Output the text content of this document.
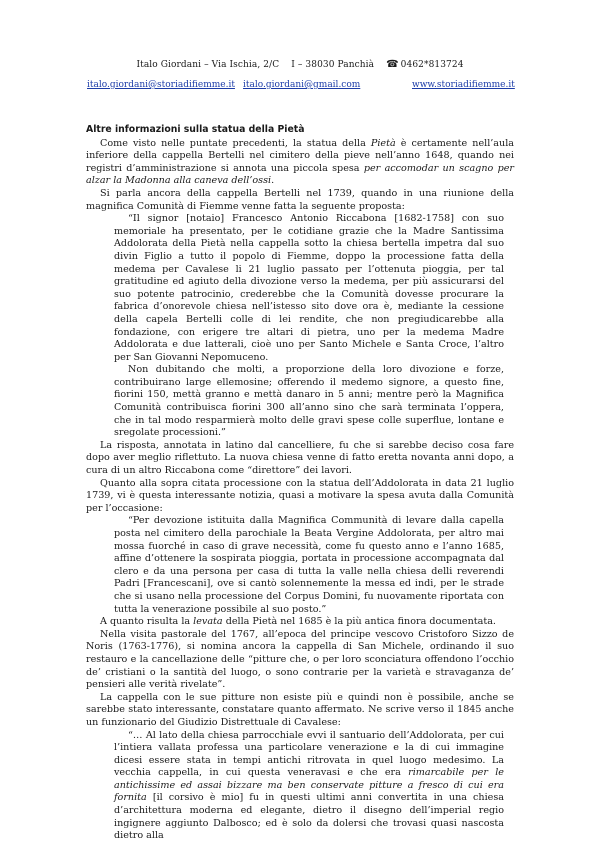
Italo Giordani – Via Ischia, 2/C I – 38030 Panchià ☎ 0462*813724
italo.giordani@storiadifiemme.it italo.giordani@gmail.com	www.storiadifiemme.it

Altre informazioni sulla statua della Pietà

Come visto nelle puntate precedenti, la statua della Pietà è certamente nell’aula inferiore della cappella Bertelli nel cimitero della pieve nell’anno 1648, quando nei registri d’amministrazione si annota una piccola spesa per accomodar un scagno per alzar la Madonna alla caneva dell’ossi.

Si parla ancora della cappella Bertelli nel 1739, quando in una riunione della magnifica Comunità di Fiemme venne fatta la seguente proposta:

“Il signor [notaio] Francesco Antonio Riccabona [1682-1758] con suo memoriale ha presentato, per le cotidiane grazie che la Madre Santissima Addolorata della Pietà nella cappella sotto la chiesa bertella impetra dal suo divin Figlio a tutto il popolo di Fiemme, doppo la processione fatta della medema per Cavalese li 21 luglio passato per l’ottenuta pioggia, per tal gratitudine ed agiuto della divozione verso la medema, per più assicurarsi del suo potente patrocinio, crederebbe che la Comunità dovesse procurare la fabrica d’onorevole chiesa nell’istesso sito dove ora è, mediante la cessione della capela Bertelli colle di lei rendite, che non pregiudicarebbe alla fondazione, con erigere tre altari di pietra, uno per la medema Madre Addolorata e due latterali, cioè uno per Santo Michele e Santa Croce, l’altro per San Giovanni Nepomuceno.

Non dubitando che molti, a proporzione della loro divozione e forze, contribuirano large ellemosine; offerendo il medemo signore, a questo fine, fiorini 150, mettà granno e mettà danaro in 5 anni; mentre però la Magnifica Comunità contribuisca fiorini 300 all’anno sino che sarà terminata l’oppera, che in tal modo resparmierà molto delle gravi spese colle superflue, lontane e sregolate processioni.”

La risposta, annotata in latino dal cancelliere, fu che si sarebbe deciso cosa fare dopo aver meglio riflettuto. La nuova chiesa venne di fatto eretta novanta anni dopo, a cura di un altro Riccabona come “direttore” dei lavori.

Quanto alla sopra citata processione con la statua dell’Addolorata in data 21 luglio 1739, vi è questa interessante notizia, quasi a motivare la spesa avuta dalla Comunità per l’occasione:

“Per devozione istituita dalla Magnifica Communità di levare dalla capella posta nel cimitero della parochiale la Beata Vergine Addolorata, per altro mai mossa fuorché in caso di grave necessità, come fu questo anno e l’anno 1685, affine d’ottenere la sospirata pioggia, portata in processione accompagnata dal clero e da una persona per casa di tutta la valle nella chiesa delli reverendi Padri [Francescani], ove si cantò solennemente la messa ed indi, per le strade che si usano nella processione del Corpus Domini, fu nuovamente riportata con tutta la venerazione possibile al suo posto.”

A quanto risulta la levata della Pietà nel 1685 è la più antica finora documentata.

Nella visita pastorale del 1767, all’epoca del principe vescovo Cristoforo Sizzo de Noris (1763-1776), si nomina ancora la cappella di San Michele, ordinando il suo restauro e la cancellazione delle “pitture che, o per loro sconciatura offendono l’occhio de’ cristiani o la santità del luogo, o sono contrarie per la varietà e stravaganza de’ pensieri alle verità rivelate”.

La cappella con le sue pitture non esiste più e quindi non è possibile, anche se sarebbe stato interessante, constatare quanto affermato. Ne scrive verso il 1845 anche un funzionario del Giudizio Distrettuale di Cavalese:

“… Al lato della chiesa parrocchiale evvi il santuario dell’Addolorata, per cui l’intiera vallata professa una particolare venerazione e la di cui immagine dicesi essere stata in tempi antichi ritrovata in quel luogo medesimo. La vecchia cappella, in cui questa veneravasi e che era rimarcabile per le antichissime ed assai bizzare ma ben conservate pitture a fresco di cui era fornita [il corsivo è mio] fu in questi ultimi anni convertita in una chiesa d’architettura moderna ed elegante, dietro il disegno dell’imperial regio ingignere aggiunto Dalbosco; ed è solo da dolersi che trovasi quasi nascosta dietro alla
